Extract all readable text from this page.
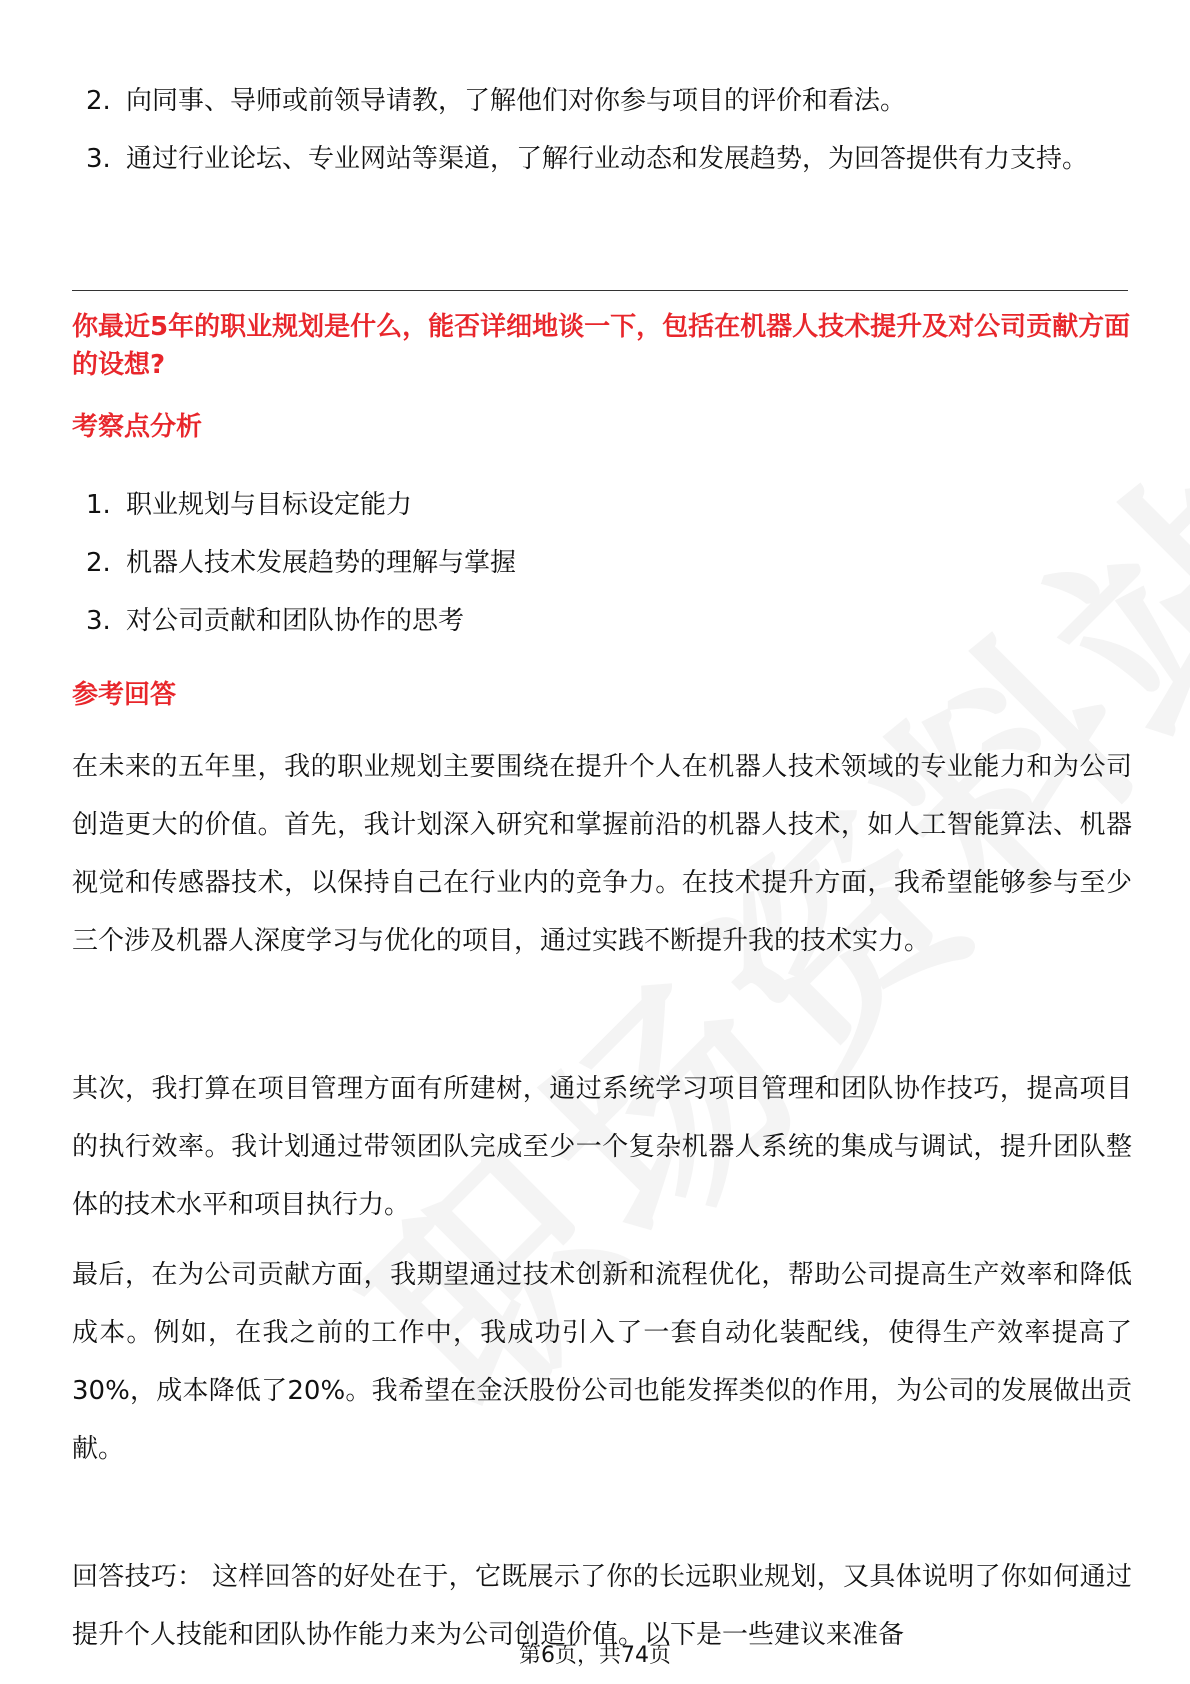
2. 向同事、导师或前领导请教，了解他们对你参与项目的评价和看法。
3. 通过行业论坛、专业网站等渠道，了解行业动态和发展趋势，为回答提供有力支持。

你最近5年的职业规划是什么，能否详细地谈一下，包括在机器人技术提升及对公司贡献方面的设想?

考察点分析
1. 职业规划与目标设定能力
2. 机器人技术发展趋势的理解与掌握
3. 对公司贡献和团队协作的思考
参考回答

在未来的五年里，我的职业规划主要围绕在提升个人在机器人技术领域的专业能力和为公司创造更大的价值。首先，我计划深入研究和掌握前沿的机器人技术，如人工智能算法、机器视觉和传感器技术，以保持自己在行业内的竞争力。在技术提升方面，我希望能够参与至少三个涉及机器人深度学习与优化的项目，通过实践不断提升我的技术实力。

其次，我打算在项目管理方面有所建树，通过系统学习项目管理和团队协作技巧，提高项目的执行效率。我计划通过带领团队完成至少一个复杂机器人系统的集成与调试，提升团队整体的技术水平和项目执行力。

最后，在为公司贡献方面，我期望通过技术创新和流程优化，帮助公司提高生产效率和降低成本。例如，在我之前的工作中，我成功引入了一套自动化装配线，使得生产效率提高了30%，成本降低了20%。我希望在金沃股份公司也能发挥类似的作用，为公司的发展做出贡献。

回答技巧： 这样回答的好处在于，它既展示了你的长远职业规划，又具体说明了你如何通过提升个人技能和团队协作能力来为公司创造价值。以下是一些建议来准备

第6页，共74页
